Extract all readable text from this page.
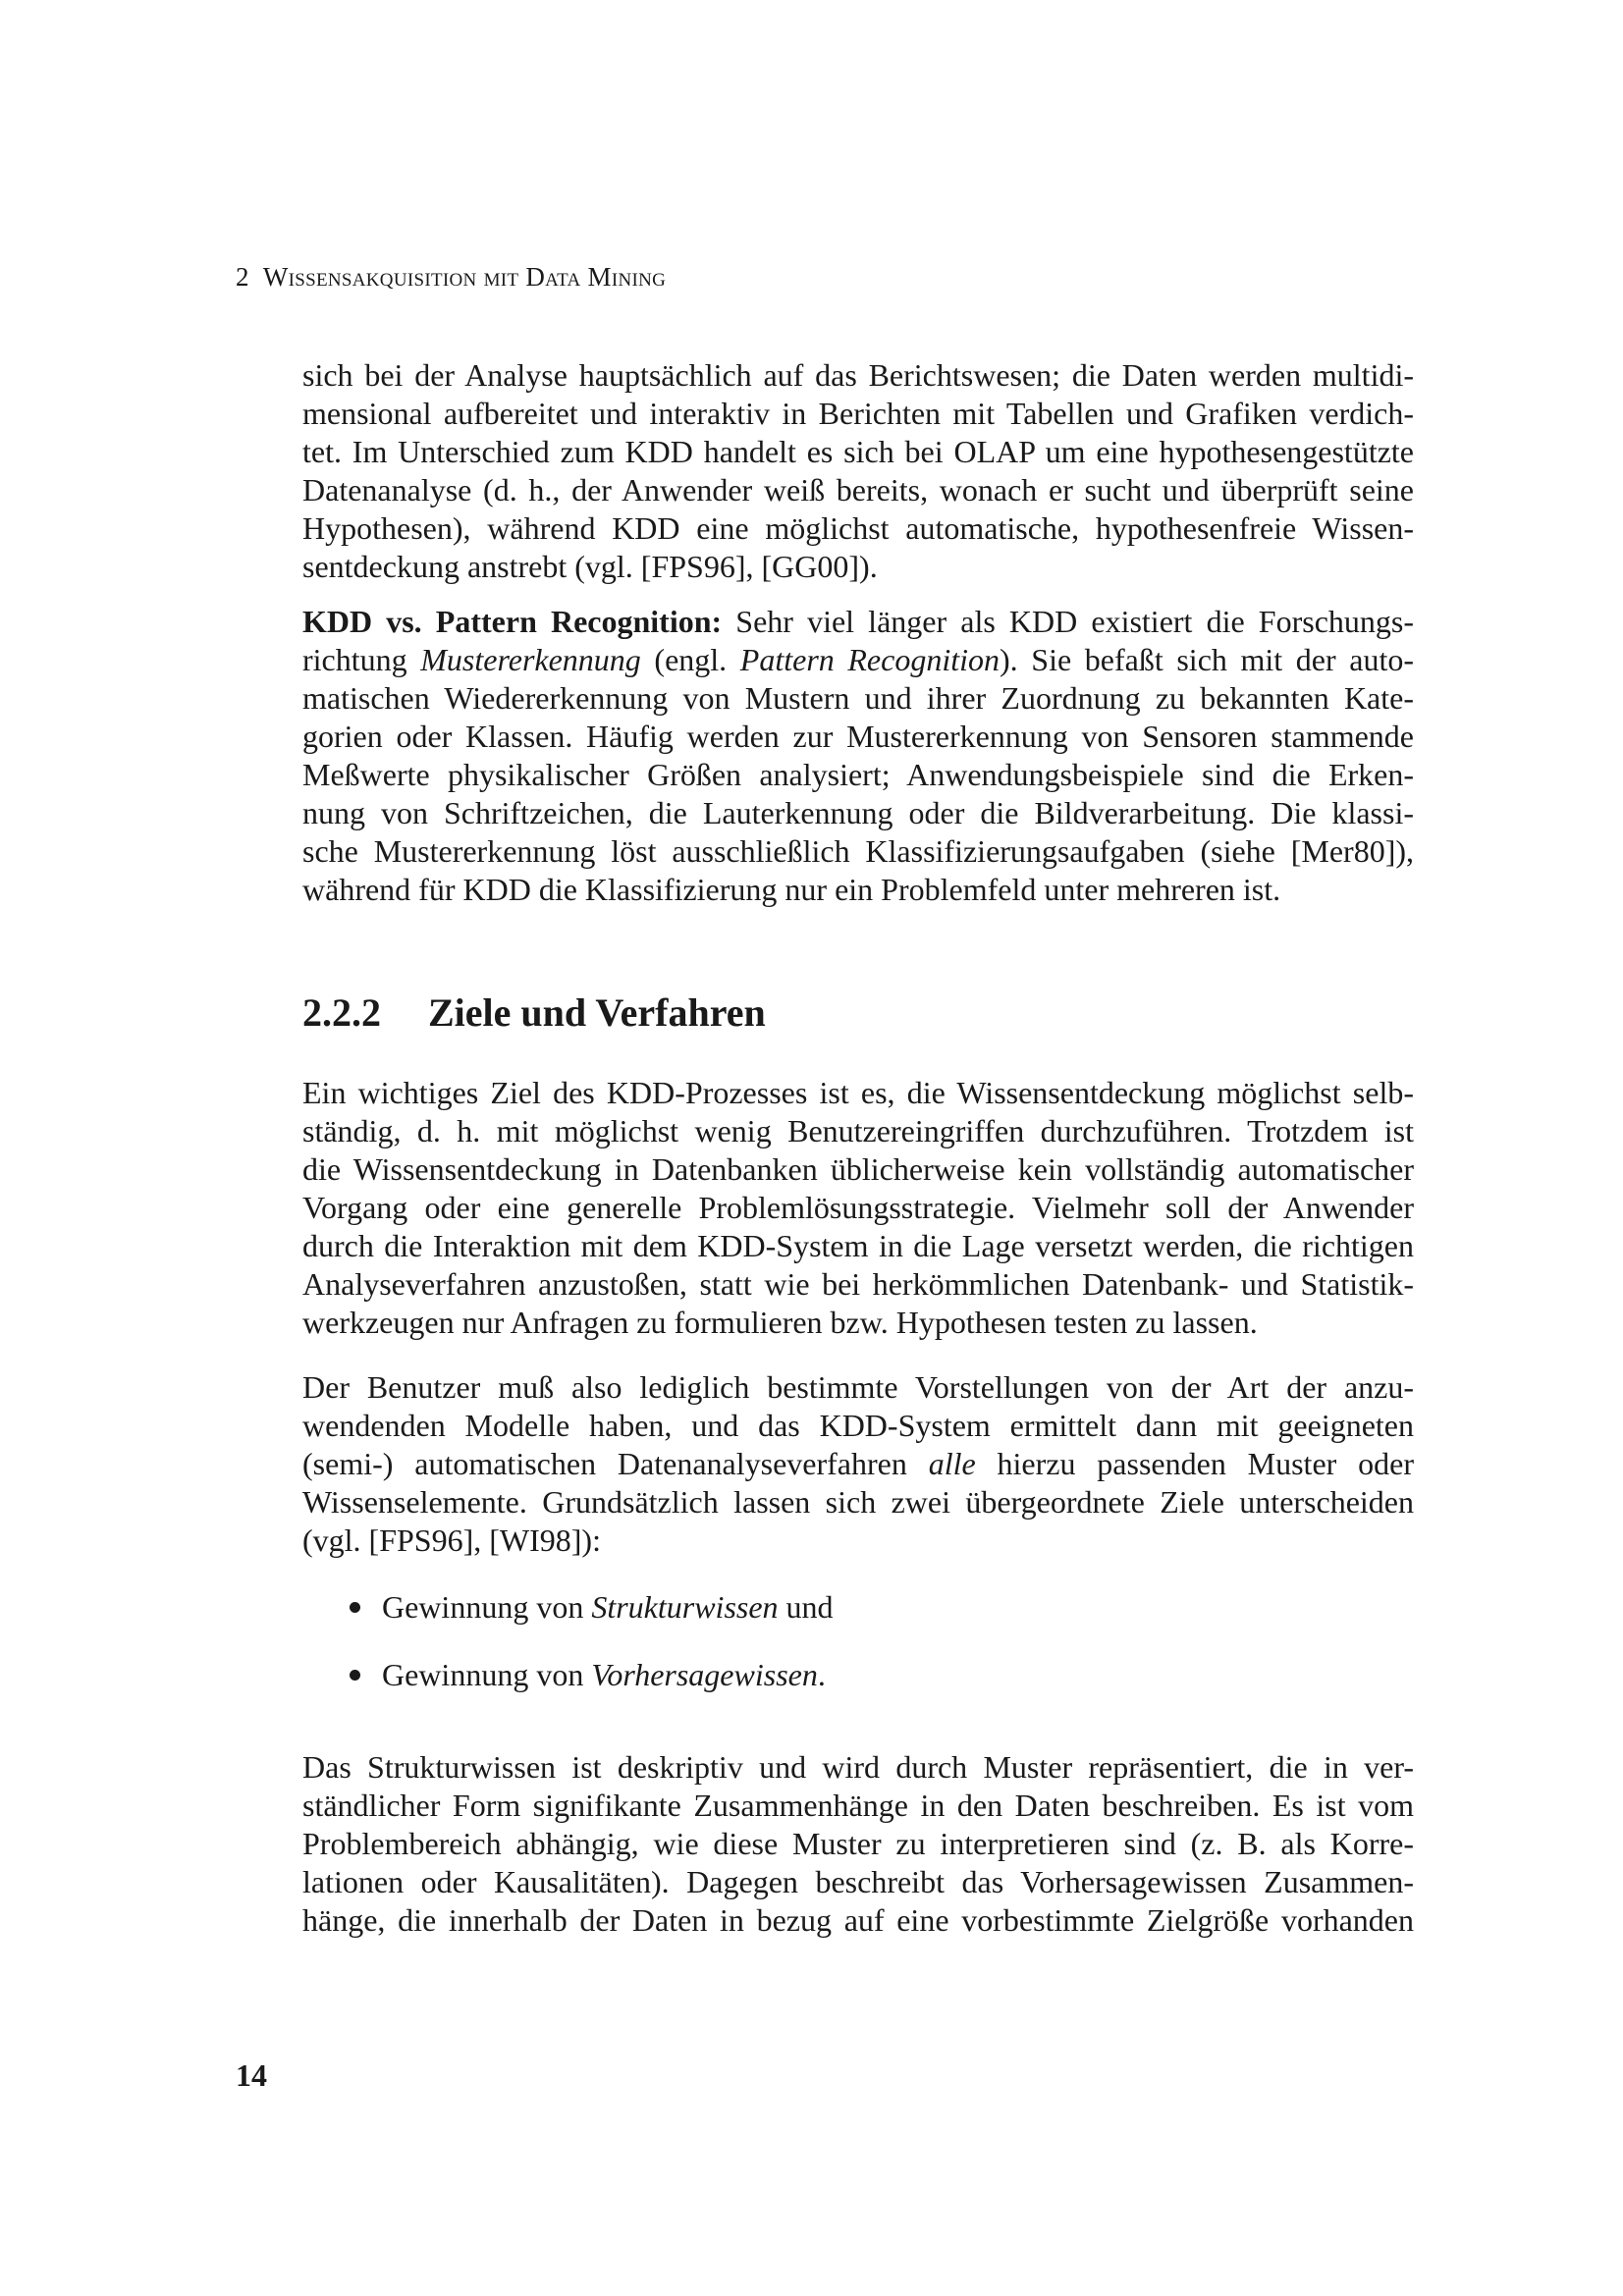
2 Wissensakquisition mit Data Mining
sich bei der Analyse hauptsächlich auf das Berichtswesen; die Daten werden multidi-
mensional aufbereitet und interaktiv in Berichten mit Tabellen und Grafiken verdich-
tet. Im Unterschied zum KDD handelt es sich bei OLAP um eine hypothesengestützte
Datenanalyse (d. h., der Anwender weiß bereits, wonach er sucht und überprüft seine
Hypothesen), während KDD eine möglichst automatische, hypothesenfreie Wissen-
sentdeckung anstrebt (vgl. [FPS96], [GG00]).
KDD vs. Pattern Recognition: Sehr viel länger als KDD existiert die Forschungs-
richtung Mustererkennung (engl. Pattern Recognition). Sie befaßt sich mit der auto-
matischen Wiedererkennung von Mustern und ihrer Zuordnung zu bekannten Kate-
gorien oder Klassen. Häufig werden zur Mustererkennung von Sensoren stammende
Meßwerte physikalischer Größen analysiert; Anwendungsbeispiele sind die Erken-
nung von Schriftzeichen, die Lauterkennung oder die Bildverarbeitung. Die klassi-
sche Mustererkennung löst ausschließlich Klassifizierungsaufgaben (siehe [Mer80]),
während für KDD die Klassifizierung nur ein Problemfeld unter mehreren ist.
2.2.2 Ziele und Verfahren
Ein wichtiges Ziel des KDD-Prozesses ist es, die Wissensentdeckung möglichst selb-
ständig, d. h. mit möglichst wenig Benutzereingriffen durchzuführen. Trotzdem ist
die Wissensentdeckung in Datenbanken üblicherweise kein vollständig automatischer
Vorgang oder eine generelle Problemlösungsstrategie. Vielmehr soll der Anwender
durch die Interaktion mit dem KDD-System in die Lage versetzt werden, die richtigen
Analyseverfahren anzustoßen, statt wie bei herkömmlichen Datenbank- und Statistik-
werkzeugen nur Anfragen zu formulieren bzw. Hypothesen testen zu lassen.
Der Benutzer muß also lediglich bestimmte Vorstellungen von der Art der anzu-
wendenden Modelle haben, und das KDD-System ermittelt dann mit geeigneten
(semi-) automatischen Datenanalyseverfahren alle hierzu passenden Muster oder
Wissenselemente. Grundsätzlich lassen sich zwei übergeordnete Ziele unterscheiden
(vgl. [FPS96], [WI98]):
Gewinnung von Strukturwissen und
Gewinnung von Vorhersagewissen.
Das Strukturwissen ist deskriptiv und wird durch Muster repräsentiert, die in ver-
ständlicher Form signifikante Zusammenhänge in den Daten beschreiben. Es ist vom
Problembereich abhängig, wie diese Muster zu interpretieren sind (z. B. als Korre-
lationen oder Kausalitäten). Dagegen beschreibt das Vorhersagewissen Zusammen-
hänge, die innerhalb der Daten in bezug auf eine vorbestimmte Zielgröße vorhanden
14
